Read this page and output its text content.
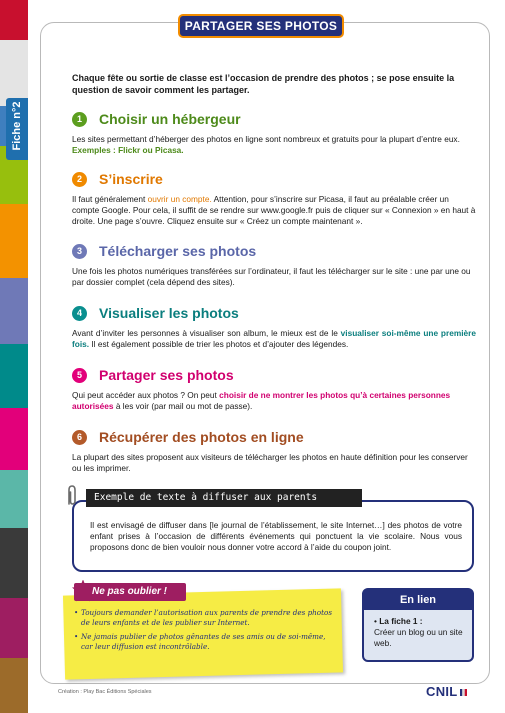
Fiche n°2
PARTAGER SES PHOTOS
Chaque fête ou sortie de classe est l’occasion de prendre des photos ; se pose ensuite la question de savoir comment les partager.
1	Choisir un hébergeur
Les sites permettant d’héberger des photos en ligne sont nombreux et gratuits pour la plupart d’entre eux. Exemples : Flickr ou Picasa.
2	S’inscrire
Il faut généralement ouvrir un compte. Attention, pour s’inscrire sur Picasa, il faut au préalable créer un compte Google. Pour cela, il suffit de se rendre sur www.google.fr puis de cliquer sur « Connexion » en haut à droite. Une page s’ouvre. Cliquez ensuite sur « Créez un compte maintenant ».
3	Télécharger ses photos
Une fois les photos numériques transférées sur l’ordinateur, il faut les télécharger sur le site : une par une ou par dossier complet (cela dépend des sites).
4	Visualiser les photos
Avant d’inviter les personnes à visualiser son album, le mieux est de le visualiser soi-même une première fois. Il est également possible de trier les photos et d’ajouter des légendes.
5	Partager ses photos
Qui peut accéder aux photos ? On peut choisir de ne montrer les photos qu’à certaines personnes autorisées à les voir (par mail ou mot de passe).
6	Récupérer des photos en ligne
La plupart des sites proposent aux visiteurs de télécharger les photos en haute définition pour les conserver ou les imprimer.
Exemple de texte à diffuser aux parents
Il est envisagé de diffuser dans [le journal de l’établissement, le site Internet…] des photos de votre enfant prises à l’occasion de différents événements qui ponctuent la vie scolaire. Nous vous proposons donc de bien vouloir nous donner votre accord à l’aide du coupon joint.
Ne pas oublier !
• Toujours demander l’autorisation aux parents de prendre des photos de leurs enfants et de les publier sur Internet.
• Ne jamais publier de photos gênantes de ses amis ou de soi-même, car leur diffusion est incontrôlable.
En lien
• La fiche 1 :
Créer un blog ou un site web.
Création : Play Bac Éditions Spéciales	CNIL
